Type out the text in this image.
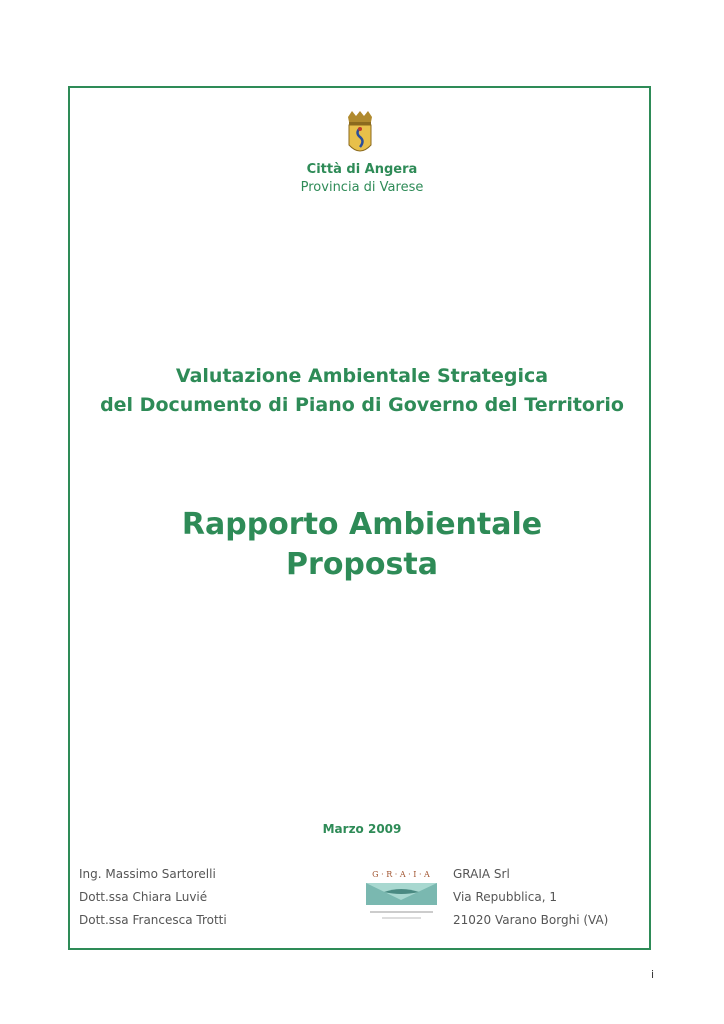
Città di Angera
Provincia di Varese
Valutazione Ambientale Strategica
del Documento di Piano di Governo del Territorio
Rapporto Ambientale
Proposta
Marzo 2009
Ing. Massimo Sartorelli
Dott.ssa Chiara Luvié
Dott.ssa Francesca Trotti
G · R · A · I · A GRAIA Srl
Via Repubblica, 1
21020 Varano Borghi (VA)
i
